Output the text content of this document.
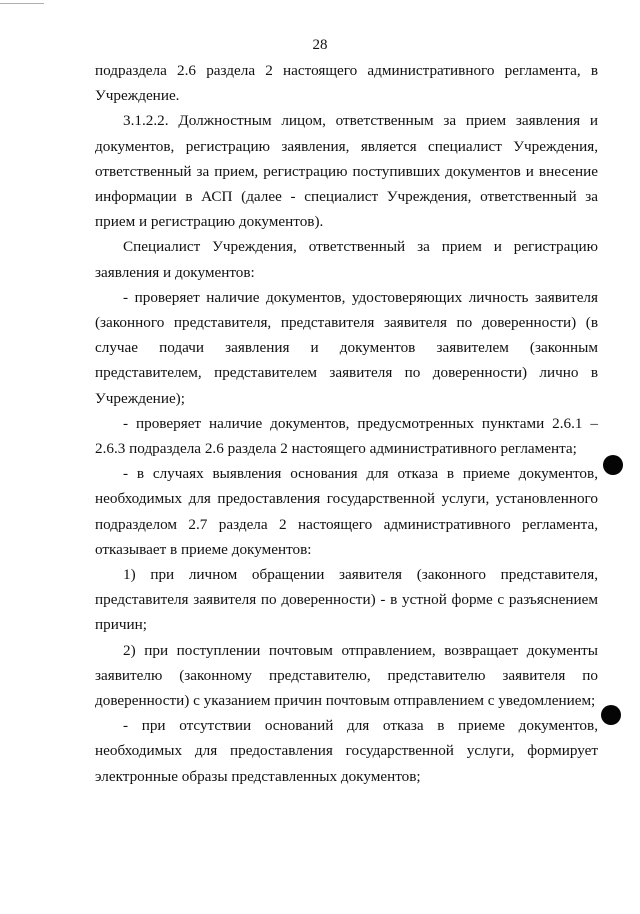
28

подраздела 2.6 раздела 2 настоящего административного регламента, в Учреждение.

3.1.2.2. Должностным лицом, ответственным за прием заявления и документов, регистрацию заявления, является специалист Учреждения, ответственный за прием, регистрацию поступивших документов и внесение информации в АСП (далее - специалист Учреждения, ответственный за прием и регистрацию документов).

Специалист Учреждения, ответственный за прием и регистрацию заявления и документов:

- проверяет наличие документов, удостоверяющих личность заявителя (законного представителя, представителя заявителя по доверенности) (в случае подачи заявления и документов заявителем (законным представителем, представителем заявителя по доверенности) лично в Учреждение);

- проверяет наличие документов, предусмотренных пунктами 2.6.1 – 2.6.3 подраздела 2.6 раздела 2 настоящего административного регламента;

- в случаях выявления основания для отказа в приеме документов, необходимых для предоставления государственной услуги, установленного подразделом 2.7 раздела 2 настоящего административного регламента, отказывает в приеме документов:

1) при личном обращении заявителя (законного представителя, представителя заявителя по доверенности) - в устной форме с разъяснением причин;

2) при поступлении почтовым отправлением, возвращает документы заявителю (законному представителю, представителю заявителя по доверенности) с указанием причин почтовым отправлением с уведомлением;

- при отсутствии оснований для отказа в приеме документов, необходимых для предоставления государственной услуги, формирует электронные образы представленных документов;
